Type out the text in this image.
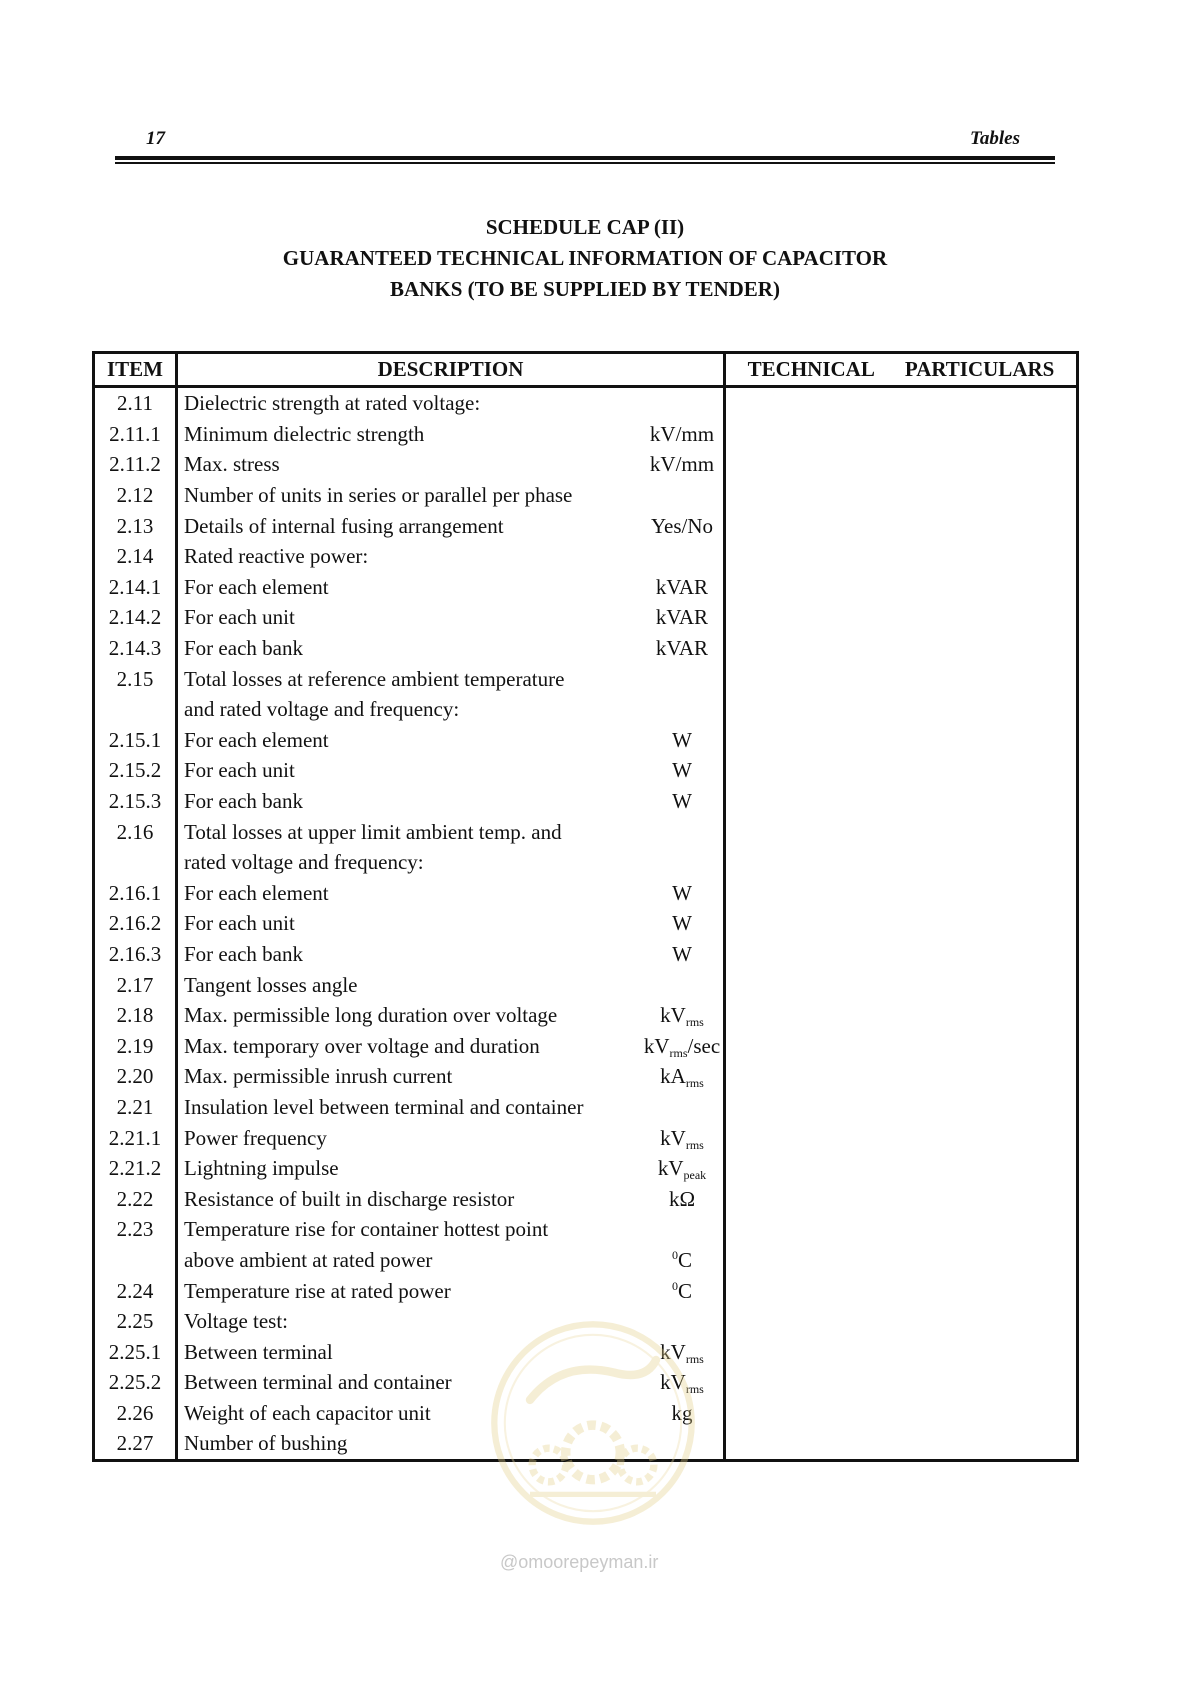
17	Tables
SCHEDULE CAP (II)
GUARANTEED TECHNICAL INFORMATION OF CAPACITOR
BANKS (TO BE SUPPLIED BY TENDER)
ITEM	DESCRIPTION		TECHNICAL PARTICULARS
2.11	Dielectric strength at rated voltage:		
2.11.1	Minimum dielectric strength	kV/mm	
2.11.2	Max. stress	kV/mm	
2.12	Number of units in series or parallel per phase		
2.13	Details of internal fusing arrangement	Yes/No	
2.14	Rated reactive power:		
2.14.1	For each element	kVAR	
2.14.2	For each unit	kVAR	
2.14.3	For each bank	kVAR	
2.15	Total losses at reference ambient temperature		
	and rated voltage and frequency:		
2.15.1	For each element	W	
2.15.2	For each unit	W	
2.15.3	For each bank	W	
2.16	Total losses at upper limit ambient temp. and		
	rated voltage and frequency:		
2.16.1	For each element	W	
2.16.2	For each unit	W	
2.16.3	For each bank	W	
2.17	Tangent losses angle		
2.18	Max. permissible long duration over voltage	$kV_{rms}$	
2.19	Max. temporary over voltage and duration	$kV_{rms}/\sec$	
2.20	Max. permissible inrush current	$kA_{rms}$	
2.21	Insulation level between terminal and container		
2.21.1	Power frequency	$kV_{rms}$	
2.21.2	Lightning impulse	$kV_{peak}$	
2.22	Resistance of built in discharge resistor	kΩ	
2.23	Temperature rise for container hottest point		
	above ambient at rated power	$^0$C	
2.24	Temperature rise at rated power	$^0$C	
2.25	Voltage test:		
2.25.1	Between terminal	$kV_{rms}$	
2.25.2	Between terminal and container	$kV_{rms}$	
2.26	Weight of each capacitor unit	kg	
2.27	Number of bushing		
@omoorepeyman.ir
